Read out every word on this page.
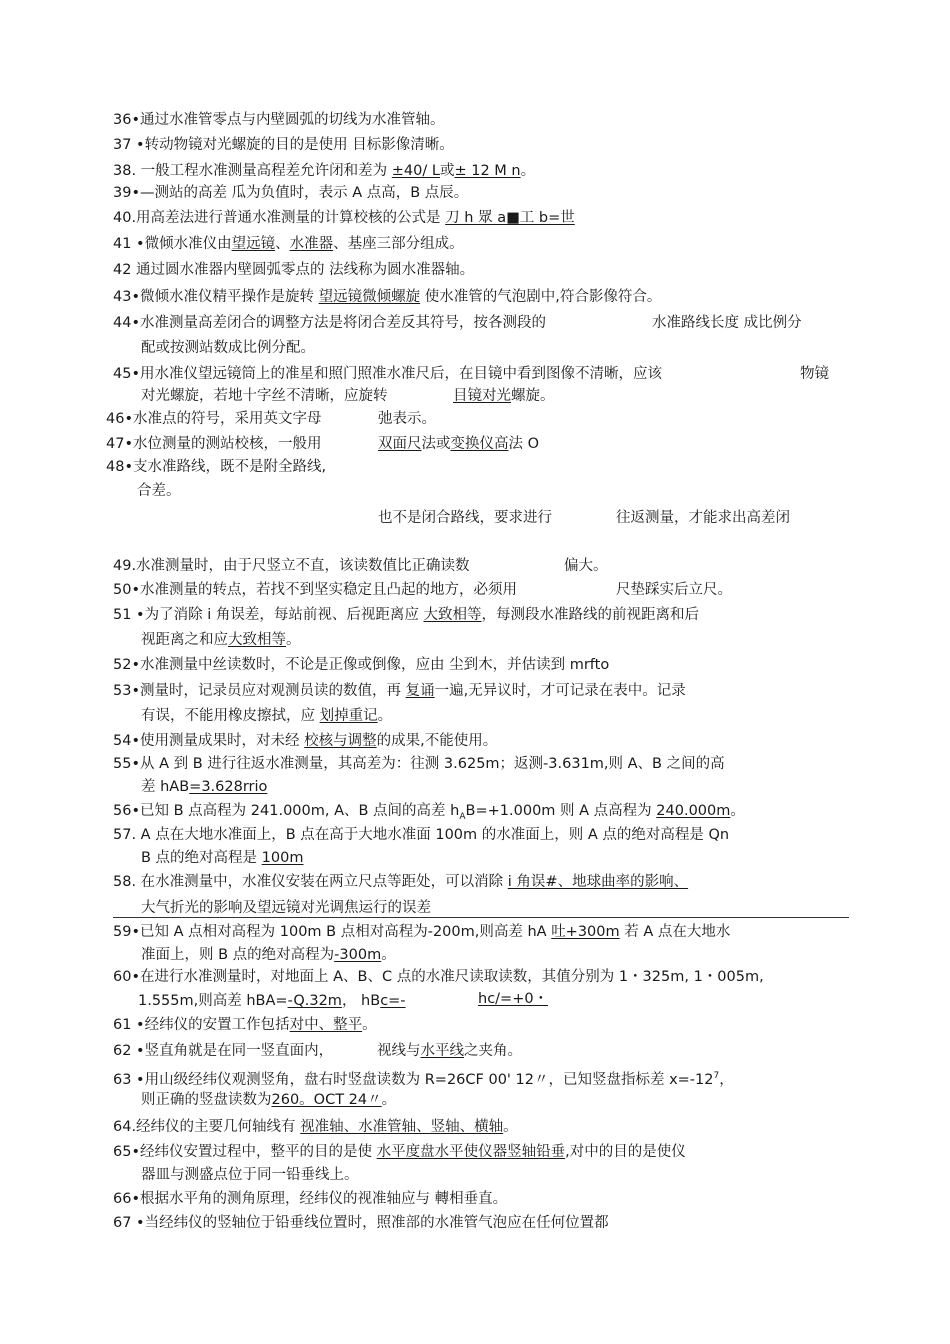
36•通过水准管零点与内壁圆弧的切线为水准管轴。
37 •转动物镜对光螺旋的目的是使用 目标影像清晰。
38. 一般工程水准测量高程差允许闭和差为 ±40/ L或± 12 M n。
39•—测站的高差 瓜为负值时，表示 A 点高，B 点辰。
40.用高差法进行普通水准测量的计算校核的公式是 刀 h 眾 a■工 b=世
41 •微倾水准仪由望远镜、水准器、基座三部分组成。
42 通过圆水准器内壁圆弧零点的 法线称为圆水准器轴。
43•微倾水准仪精平操作是旋转 望远镜微倾螺旋 使水准管的气泡剧中,符合影像符合。
44•水准测量高差闭合的调整方法是将闭合差反其符号，按各测段的	水准路线长度 成比例分
配或按测站数成比例分配。
45•用水准仪望远镜筒上的准星和照门照准水准尺后，在目镜中看到图像不清晰，应该	物镜
对光螺旋，若地十字丝不清晰，应旋转	目镜对光螺旋。
46•水准点的符号，采用英文字母	弛表示。
47•水位测量的测站校核，一般用	双面尺法或变换仪高法 O
48•支水准路线，既不是附全路线,
合差。
也不是闭合路线，要求进行	往返测量，才能求出高差闭
49.水准测量时，由于尺竖立不直，该读数值比正确读数	偏大。
50•水准测量的转点，若找不到坚实稳定且凸起的地方，必须用	尺垫踩实后立尺。
51 •为了消除 i 角误差，每站前视、后视距离应 大致相等，每测段水准路线的前视距离和后
视距离之和应大致相等。
52•水准测量中丝读数时，不论是正像或倒像，应由 尘到木，并估读到 mrfto
53•测量时，记录员应对观测员读的数值，再 复诵一遍,无异议时，才可记录在表中。记录
有误，不能用橡皮擦拭，应 划掉重记。
54•使用测量成果时，对未经 校核与调整的成果,不能使用。
55•从 A 到 B 进行往返水准测量，其高差为：往测 3.625m；返测-3.631m,则 A、B 之间的高
差 hAB=3.628rrio
56•已知 B 点高程为 241.000m, A、B 点间的高差 $h_AB=+1.000m$ 则 A 点高程为 240.000m。
57. A 点在大地水准面上，B 点在高于大地水准面 100m 的水准面上，则 A 点的绝对高程是 Qn
B 点的绝对高程是 100m
58. 在水准测量中，水准仪安装在两立尺点等距处，可以消除 i 角误#、地球曲率的影响、
大气折光的影响及望远镜对光调焦运行的误差
59•已知 A 点相对高程为 100m B 点相对高程为-200m,则高差 hA 吐+300m 若 A 点在大地水
准面上，则 B 点的绝对高程为-300m。
60•在进行水准测量时，对地面上 A、B、C 点的水准尺读取读数，其值分别为 1・325m, 1・005m,
1.555m,则高差 hBA=-Q.32m， hBc=-	hc/=+0・
61 •经纬仪的安置工作包括对中、整平。
62 •竖直角就是在同一竖直面内，	视线与水平线之夹角。
63 •用山级经纬仪观测竖角，盘右时竖盘读数为 R=26CF 00' 12〃，已知竖盘指标差 $x=-12^7$，
则正确的竖盘读数为260。OCT 24〃。
64.经纬仪的主要几何轴线有 视准轴、水准管轴、竖轴、横轴。
65•经纬仪安置过程中，整平的目的是使 水平度盘水平使仪器竖轴铅垂,对中的目的是使仪
器皿与测盛点位于同一铅垂线上。
66•根据水平角的测角原理，经纬仪的视准轴应与 轉相垂直。
67 •当经纬仪的竖轴位于铅垂线位置时，照准部的水准管气泡应在任何位置都
